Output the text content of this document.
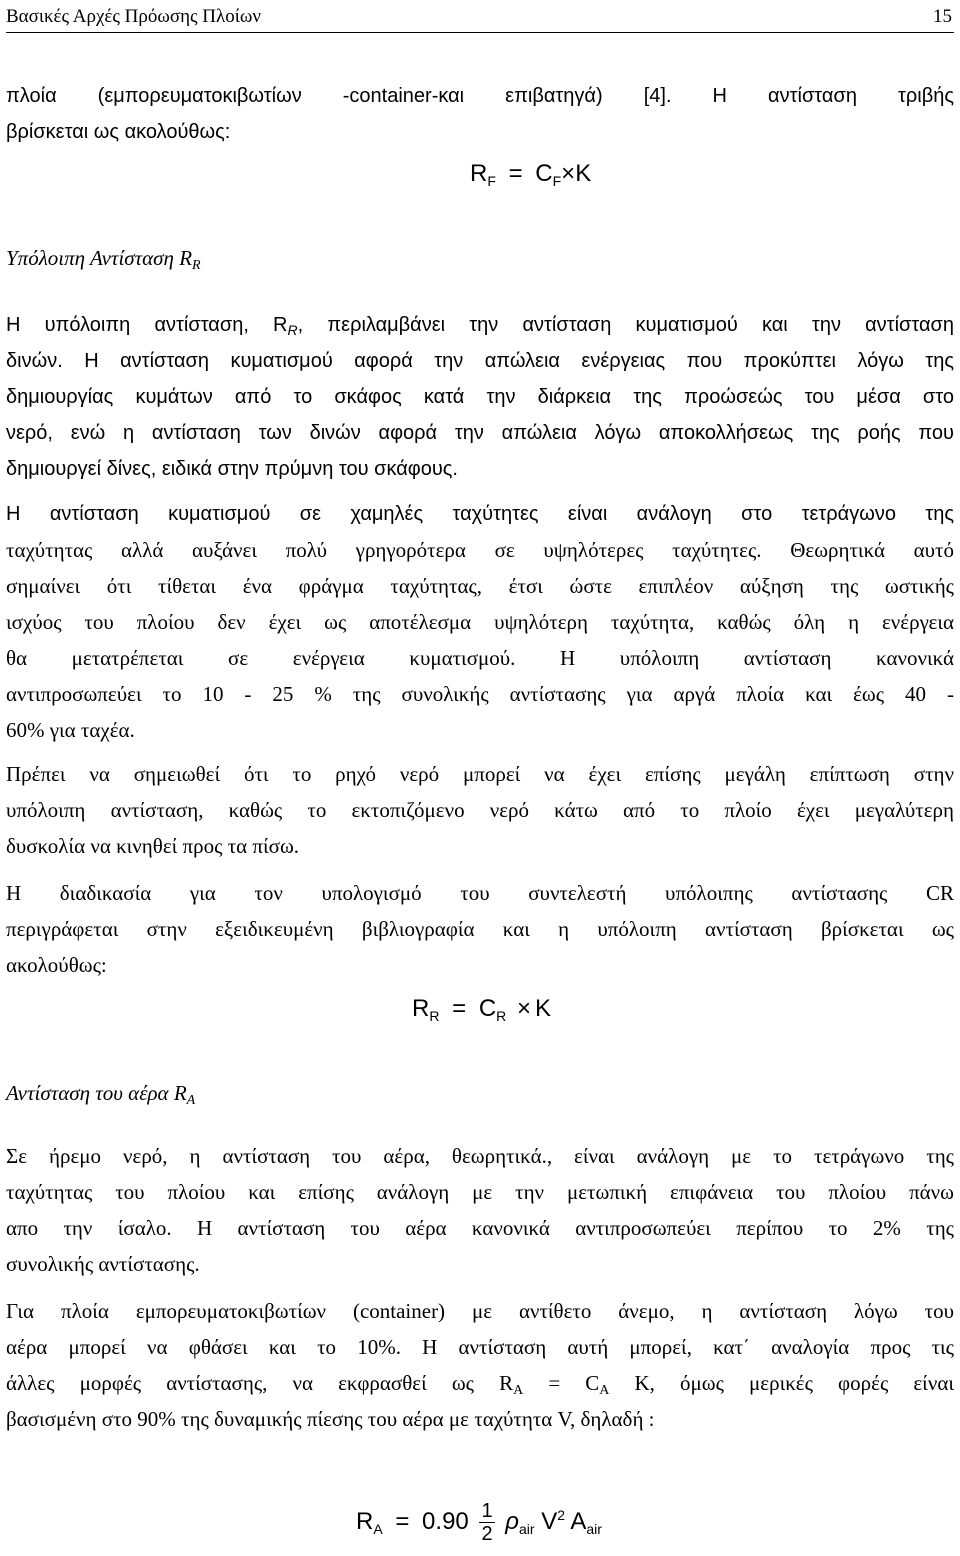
Βασικές Αρχές Πρόωσης Πλοίων	15
πλοία (εμπορευματοκιβωτίων -container-και επιβατηγά) [4]. Η αντίσταση τριβής
βρίσκεται ως ακολούθως:
$R_F = C_F\times K$
Υπόλοιπη Αντίσταση $R_R$
Η υπόλοιπη αντίσταση, $R_R$, περιλαμβάνει την αντίσταση κυματισμού και την αντίσταση
δινών. Η αντίσταση κυματισμού αφορά την απώλεια ενέργειας που προκύπτει λόγω της
δημιουργίας κυμάτων από το σκάφος κατά την διάρκεια της προώσεώς του μέσα στο
νερό, ενώ η αντίσταση των δινών αφορά την απώλεια λόγω αποκολλήσεως της ροής που
δημιουργεί δίνες, ειδικά στην πρύμνη του σκάφους.
Η αντίσταση κυματισμού σε χαμηλές ταχύτητες είναι ανάλογη στο τετράγωνο της
ταχύτητας αλλά αυξάνει πολύ γρηγορότερα σε υψηλότερες ταχύτητες. Θεωρητικά αυτό
σημαίνει ότι τίθεται ένα φράγμα ταχύτητας, έτσι ώστε επιπλέον αύξηση της ωστικής
ισχύος του πλοίου δεν έχει ως αποτέλεσμα υψηλότερη ταχύτητα, καθώς όλη η ενέργεια
θα μετατρέπεται σε ενέργεια κυματισμού. Η υπόλοιπη αντίσταση κανονικά
αντιπροσωπεύει το 10 - 25 % της συνολικής αντίστασης για αργά πλοία και έως 40 -
60% για ταχέα.
Πρέπει να σημειωθεί ότι το ρηχό νερό μπορεί να έχει επίσης μεγάλη επίπτωση στην
υπόλοιπη αντίσταση, καθώς το εκτοπιζόμενο νερό κάτω από το πλοίο έχει μεγαλύτερη
δυσκολία να κινηθεί προς τα πίσω.
Η διαδικασία για τον υπολογισμό του συντελεστή υπόλοιπης αντίστασης CR
περιγράφεται στην εξειδικευμένη βιβλιογραφία και η υπόλοιπη αντίσταση βρίσκεται ως
ακολούθως:
$R_R = C_R \times K$
Αντίσταση του αέρα $R_A$
Σε ήρεμο νερό, η αντίσταση του αέρα, θεωρητικά., είναι ανάλογη με το τετράγωνο της
ταχύτητας του πλοίου και επίσης ανάλογη με την μετωπική επιφάνεια του πλοίου πάνω
απο την ίσαλο. Η αντίσταση του αέρα κανονικά αντιπροσωπεύει περίπου το 2% της
συνολικής αντίστασης.
Για πλοία εμπορευματοκιβωτίων (container) με αντίθετο άνεμο, η αντίσταση λόγω του
αέρα μπορεί να φθάσει και το 10%. Η αντίσταση αυτή μπορεί, κατ΄ αναλογία προς τις
άλλες μορφές αντίστασης, να εκφρασθεί ως RA = CA K, όμως μερικές φορές είναι
βασισμένη στο 90% της δυναμικής πίεσης του αέρα με ταχύτητα V, δηλαδή :
$R_A = 0.90 \frac{1}{2} \rho_{air}$ $V^2$ $A_{air}$
